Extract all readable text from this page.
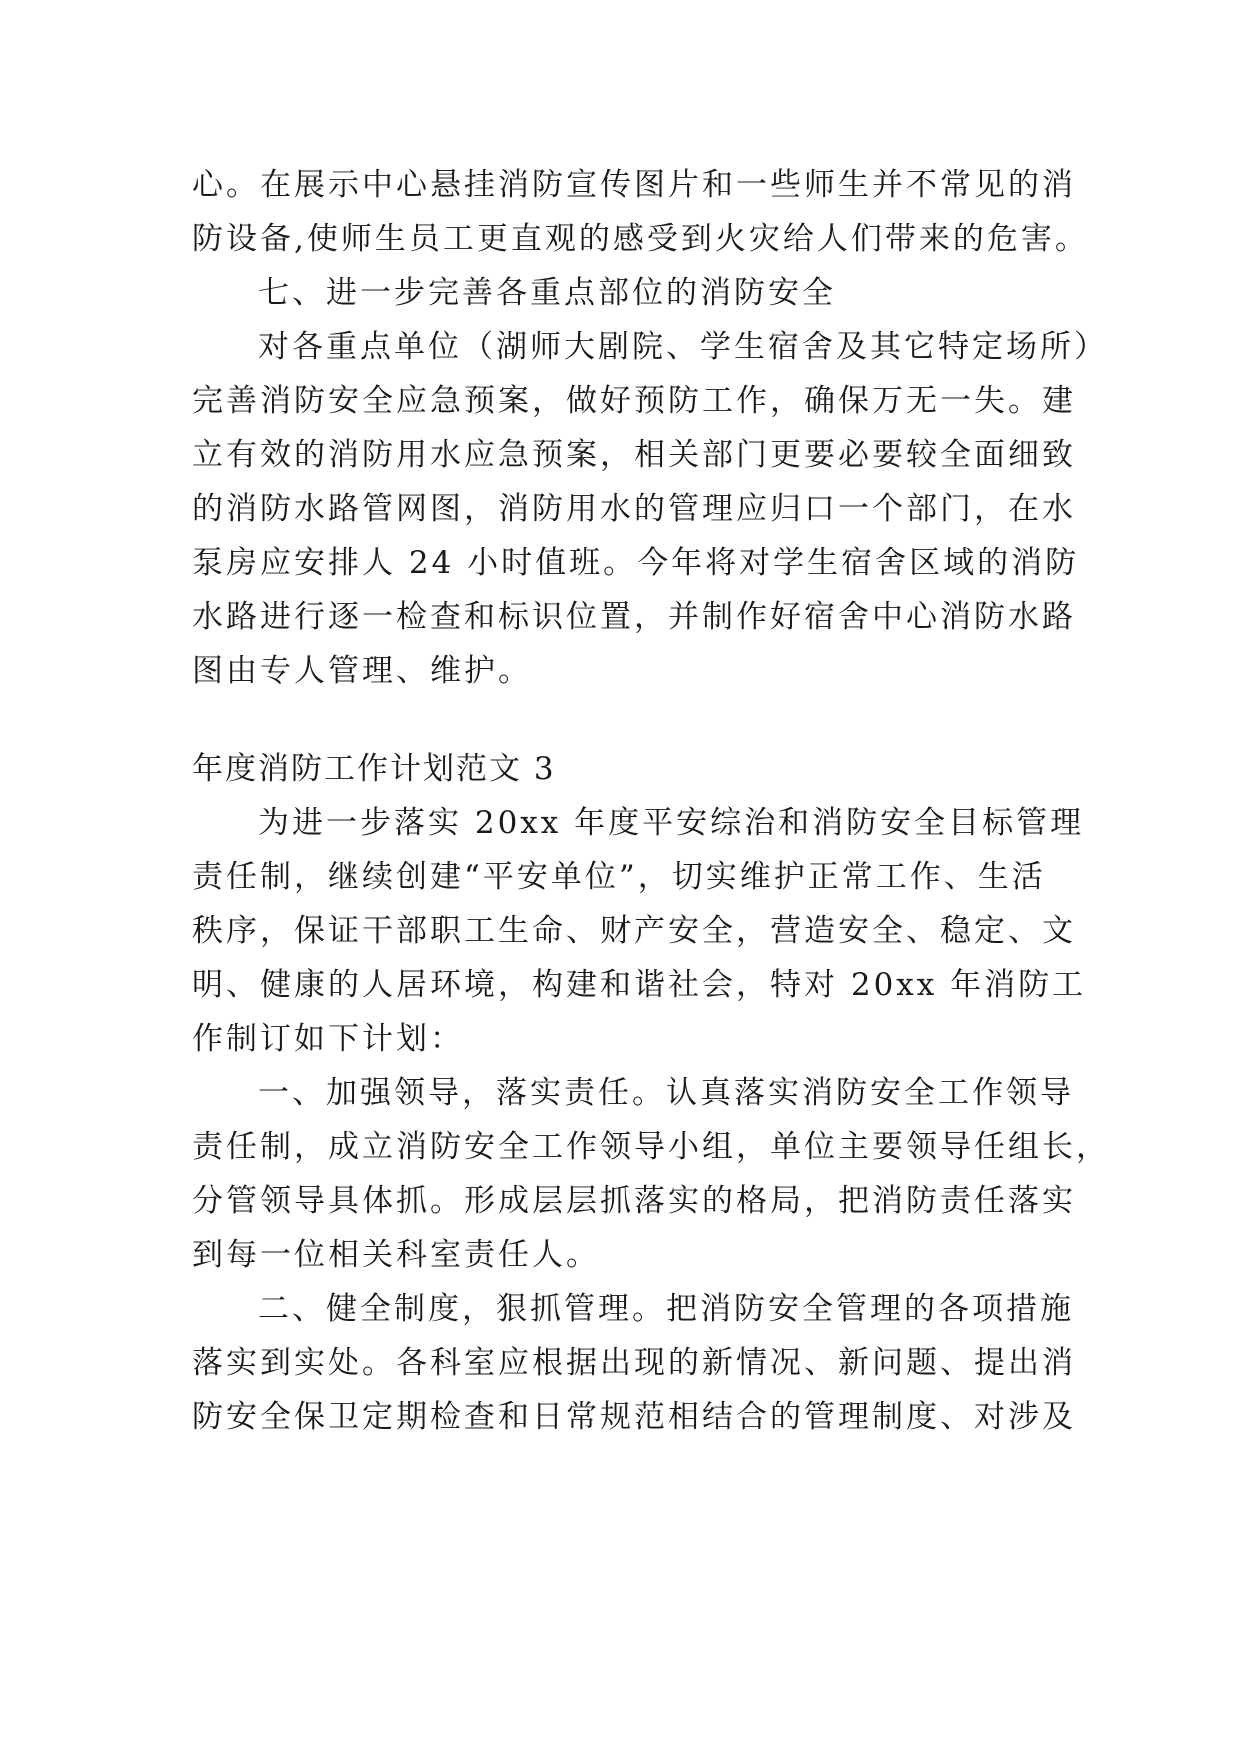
心。在展示中心悬挂消防宣传图片和一些师生并不常见的消
防设备,使师生员工更直观的感受到火灾给人们带来的危害。
七、进一步完善各重点部位的消防安全
对各重点单位（湖师大剧院、学生宿舍及其它特定场所）
完善消防安全应急预案，做好预防工作，确保万无一失。建
立有效的消防用水应急预案，相关部门更要必要较全面细致
的消防水路管网图，消防用水的管理应归口一个部门，在水
泵房应安排人 24 小时值班。今年将对学生宿舍区域的消防
水路进行逐一检查和标识位置，并制作好宿舍中心消防水路
图由专人管理、维护。
年度消防工作计划范文 3
为进一步落实 20xx 年度平安综治和消防安全目标管理
责任制，继续创建“平安单位”，切实维护正常工作、生活
秩序，保证干部职工生命、财产安全，营造安全、稳定、文
明、健康的人居环境，构建和谐社会，特对 20xx 年消防工
作制订如下计划：
一、加强领导，落实责任。认真落实消防安全工作领导
责任制，成立消防安全工作领导小组，单位主要领导任组长，
分管领导具体抓。形成层层抓落实的格局，把消防责任落实
到每一位相关科室责任人。
二、健全制度，狠抓管理。把消防安全管理的各项措施
落实到实处。各科室应根据出现的新情况、新问题、提出消
防安全保卫定期检查和日常规范相结合的管理制度、对涉及
